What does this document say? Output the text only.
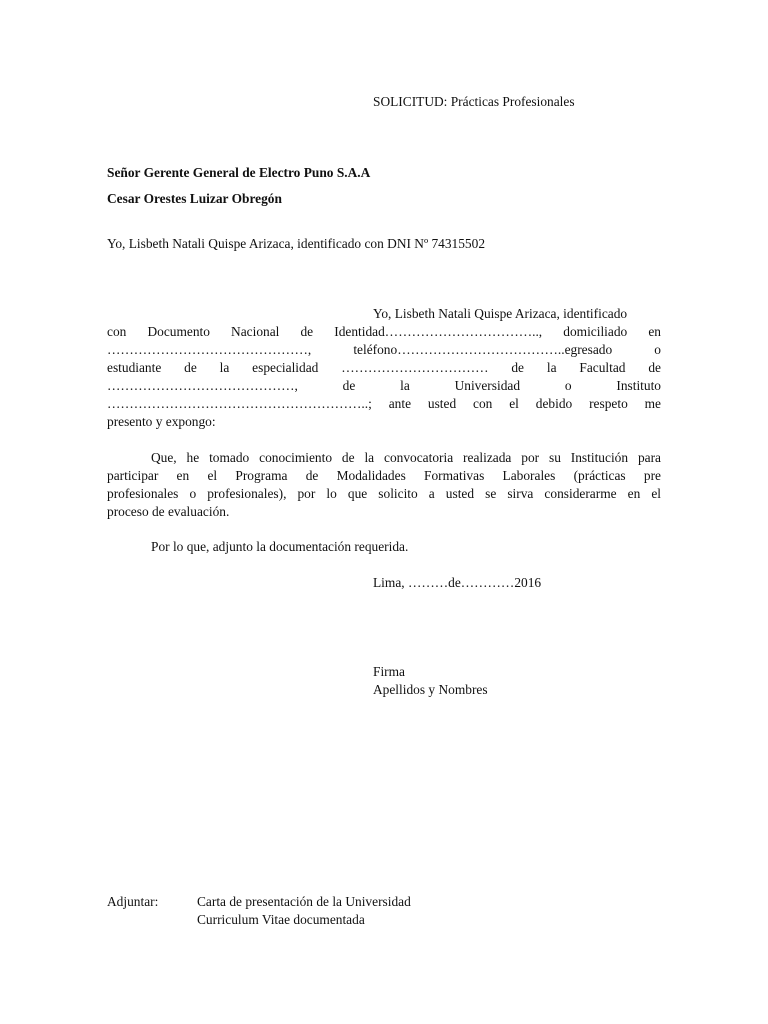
SOLICITUD: Prácticas Profesionales
Señor Gerente General de Electro Puno S.A.A
Cesar Orestes Luizar Obregón
Yo, Lisbeth Natali Quispe Arizaca, identificado con DNI Nº 74315502
Yo, Lisbeth Natali Quispe Arizaca, identificado
con Documento Nacional de Identidad…………………………….., domiciliado en
………………………………………, teléfono………………………………..egresado o
estudiante de la especialidad …………………………… de la Facultad de
……………………………………, de la Universidad o Instituto
…………………………………………………..; ante usted con el debido respeto me
presento y expongo:
Que, he tomado conocimiento de la convocatoria realizada por su Institución para
participar en el Programa de Modalidades Formativas Laborales (prácticas pre
profesionales o profesionales), por lo que solicito a usted se sirva considerarme en el
proceso de evaluación.
Por lo que, adjunto la documentación requerida.
Lima, ………de…………2016
Firma
Apellidos y Nombres
Adjuntar:	Carta de presentación de la Universidad
Curriculum Vitae documentada
